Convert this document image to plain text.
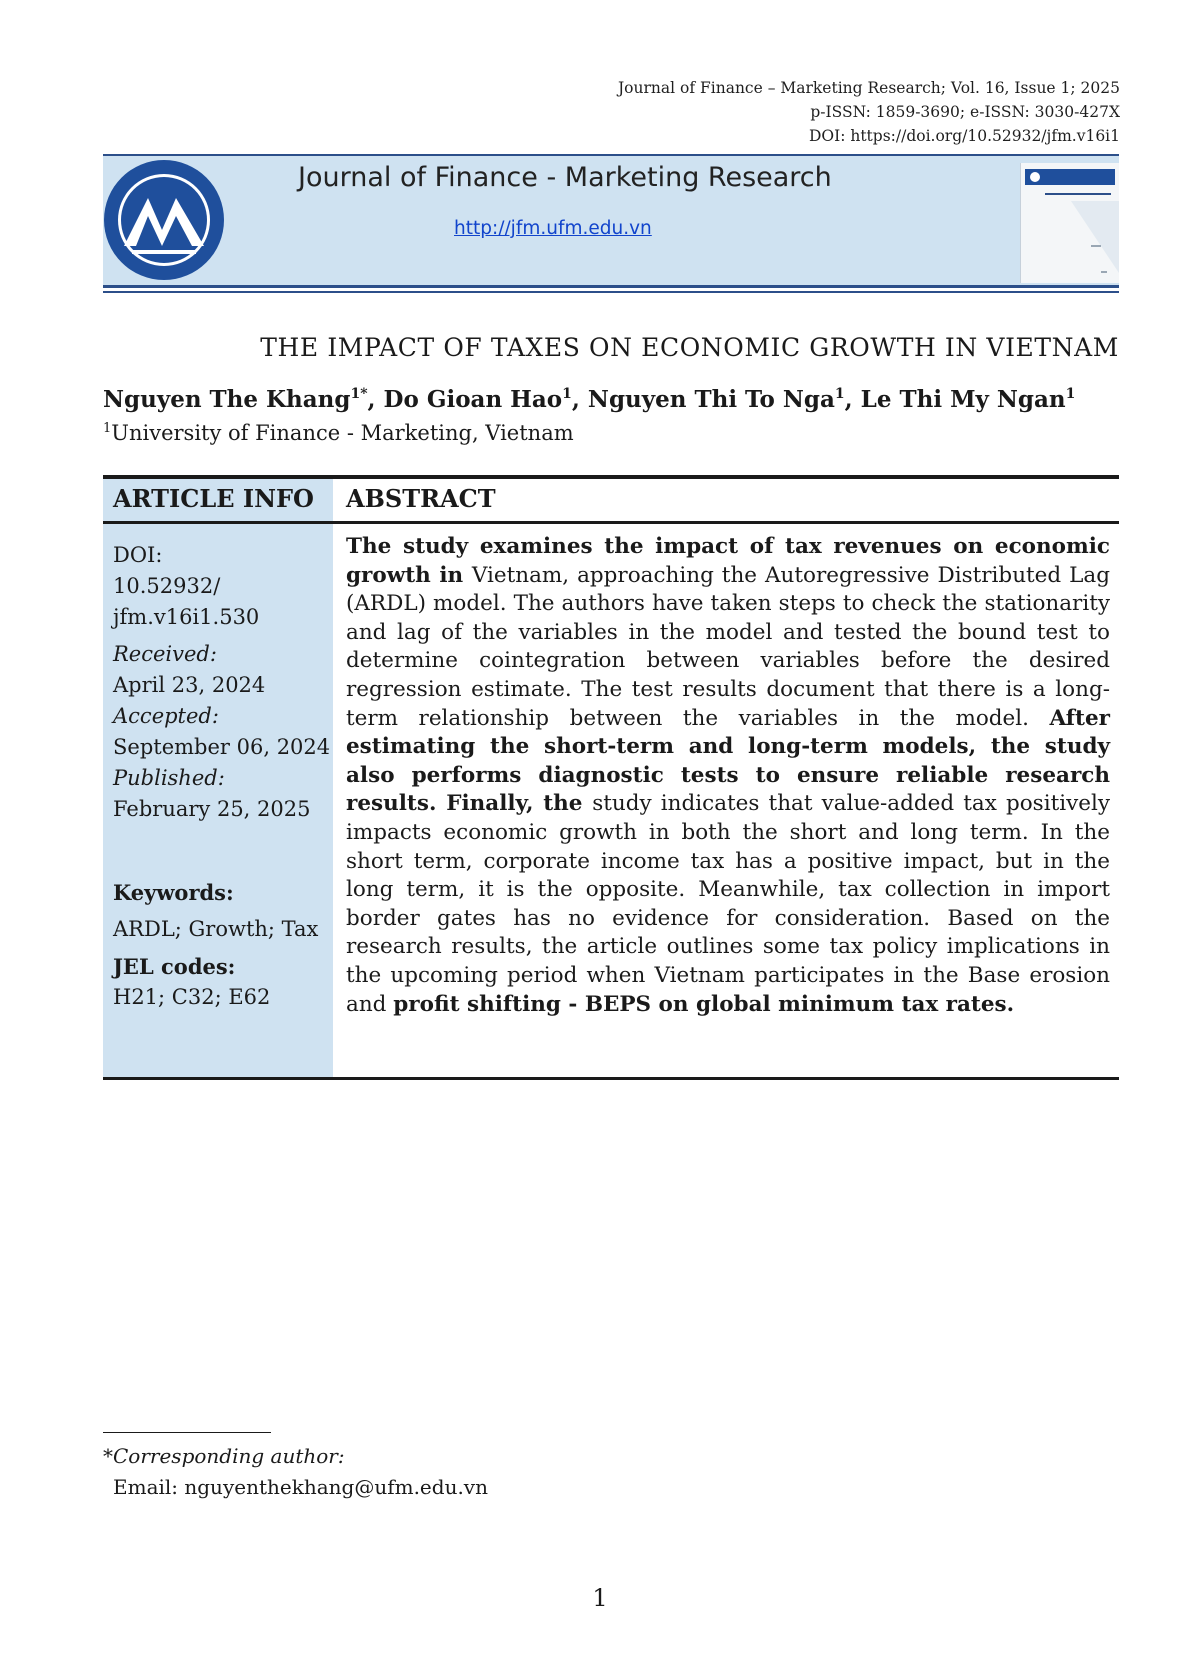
Journal of Finance – Marketing Research; Vol. 16, Issue 1; 2025
p-ISSN: 1859-3690; e-ISSN: 3030-427X
DOI: https://doi.org/10.52932/jfm.v16i1
Journal of Finance - Marketing Research
http://jfm.ufm.edu.vn
THE IMPACT OF TAXES ON ECONOMIC GROWTH IN VIETNAM
Nguyen The Khang$^{1*}$, Do Gioan Hao$^1$, Nguyen Thi To Nga$^1$, Le Thi My Ngan$^1$
$^1$University of Finance - Marketing, Vietnam
ARTICLE INFO ABSTRACT
DOI:
10.52932/
jfm.v16i1.530
Received:
April 23, 2024
Accepted:
September 06, 2024
Published:
February 25, 2025
Keywords:
ARDL; Growth; Tax
JEL codes:
H21; C32; E62
The study examines the impact of tax revenues on economic growth in Vietnam, approaching the Autoregressive Distributed Lag (ARDL) model. The authors have taken steps to check the stationarity and lag of the variables in the model and tested the bound test to determine cointegration between variables before the desired regression estimate. The test results document that there is a long-term relationship between the variables in the model. After estimating the short-term and long-term models, the study also performs diagnostic tests to ensure reliable research results. Finally, the study indicates that value-added tax positively impacts economic growth in both the short and long term. In the short term, corporate income tax has a positive impact, but in the long term, it is the opposite. Meanwhile, tax collection in import border gates has no evidence for consideration. Based on the research results, the article outlines some tax policy implications in the upcoming period when Vietnam participates in the Base erosion and profit shifting - BEPS on global minimum tax rates.
*Corresponding author:
Email: nguyenthekhang@ufm.edu.vn
1
